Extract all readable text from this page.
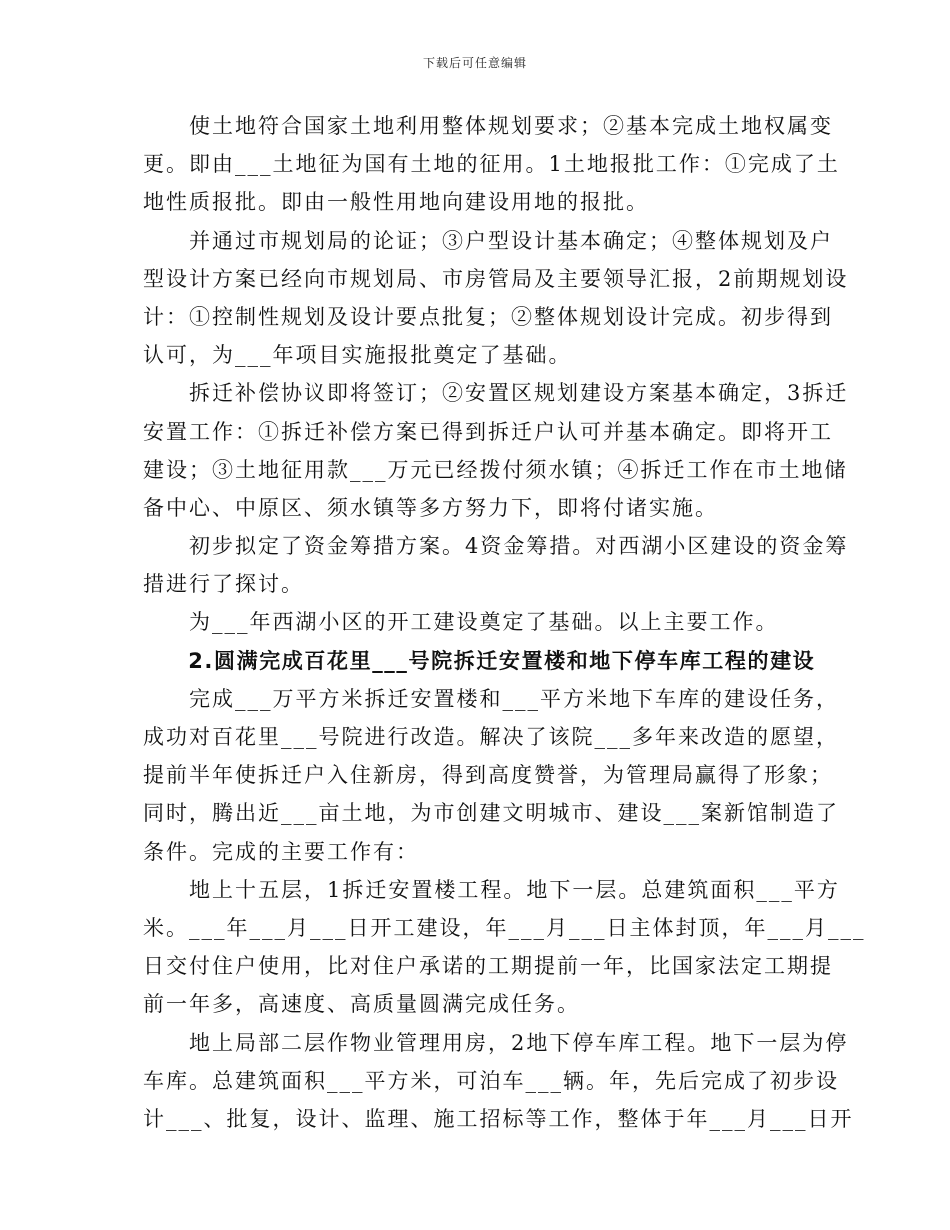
下载后可任意编辑
　　使土地符合国家土地利用整体规划要求；②基本完成土地权属变
更。即由___土地征为国有土地的征用。1土地报批工作：①完成了土
地性质报批。即由一般性用地向建设用地的报批。
　　并通过市规划局的论证；③户型设计基本确定；④整体规划及户
型设计方案已经向市规划局、市房管局及主要领导汇报，2前期规划设
计：①控制性规划及设计要点批复；②整体规划设计完成。初步得到
认可，为___年项目实施报批奠定了基础。
　　拆迁补偿协议即将签订；②安置区规划建设方案基本确定，3拆迁
安置工作：①拆迁补偿方案已得到拆迁户认可并基本确定。即将开工
建设；③土地征用款___万元已经拨付须水镇；④拆迁工作在市土地储
备中心、中原区、须水镇等多方努力下，即将付诸实施。
　　初步拟定了资金筹措方案。4资金筹措。对西湖小区建设的资金筹
措进行了探讨。
　　为___年西湖小区的开工建设奠定了基础。以上主要工作。
　　2.圆满完成百花里___号院拆迁安置楼和地下停车库工程的建设
　　完成___万平方米拆迁安置楼和___平方米地下车库的建设任务，
成功对百花里___号院进行改造。解决了该院___多年来改造的愿望，
提前半年使拆迁户入住新房，得到高度赞誉，为管理局赢得了形象；
同时，腾出近___亩土地，为市创建文明城市、建设___案新馆制造了
条件。完成的主要工作有：
　　地上十五层，1拆迁安置楼工程。地下一层。总建筑面积___平方
米。___年___月___日开工建设，年___月___日主体封顶，年___月___
日交付住户使用，比对住户承诺的工期提前一年，比国家法定工期提
前一年多，高速度、高质量圆满完成任务。
　　地上局部二层作物业管理用房，2地下停车库工程。地下一层为停
车库。总建筑面积___平方米，可泊车___辆。年，先后完成了初步设
计___、批复，设计、监理、施工招标等工作，整体于年___月___日开
